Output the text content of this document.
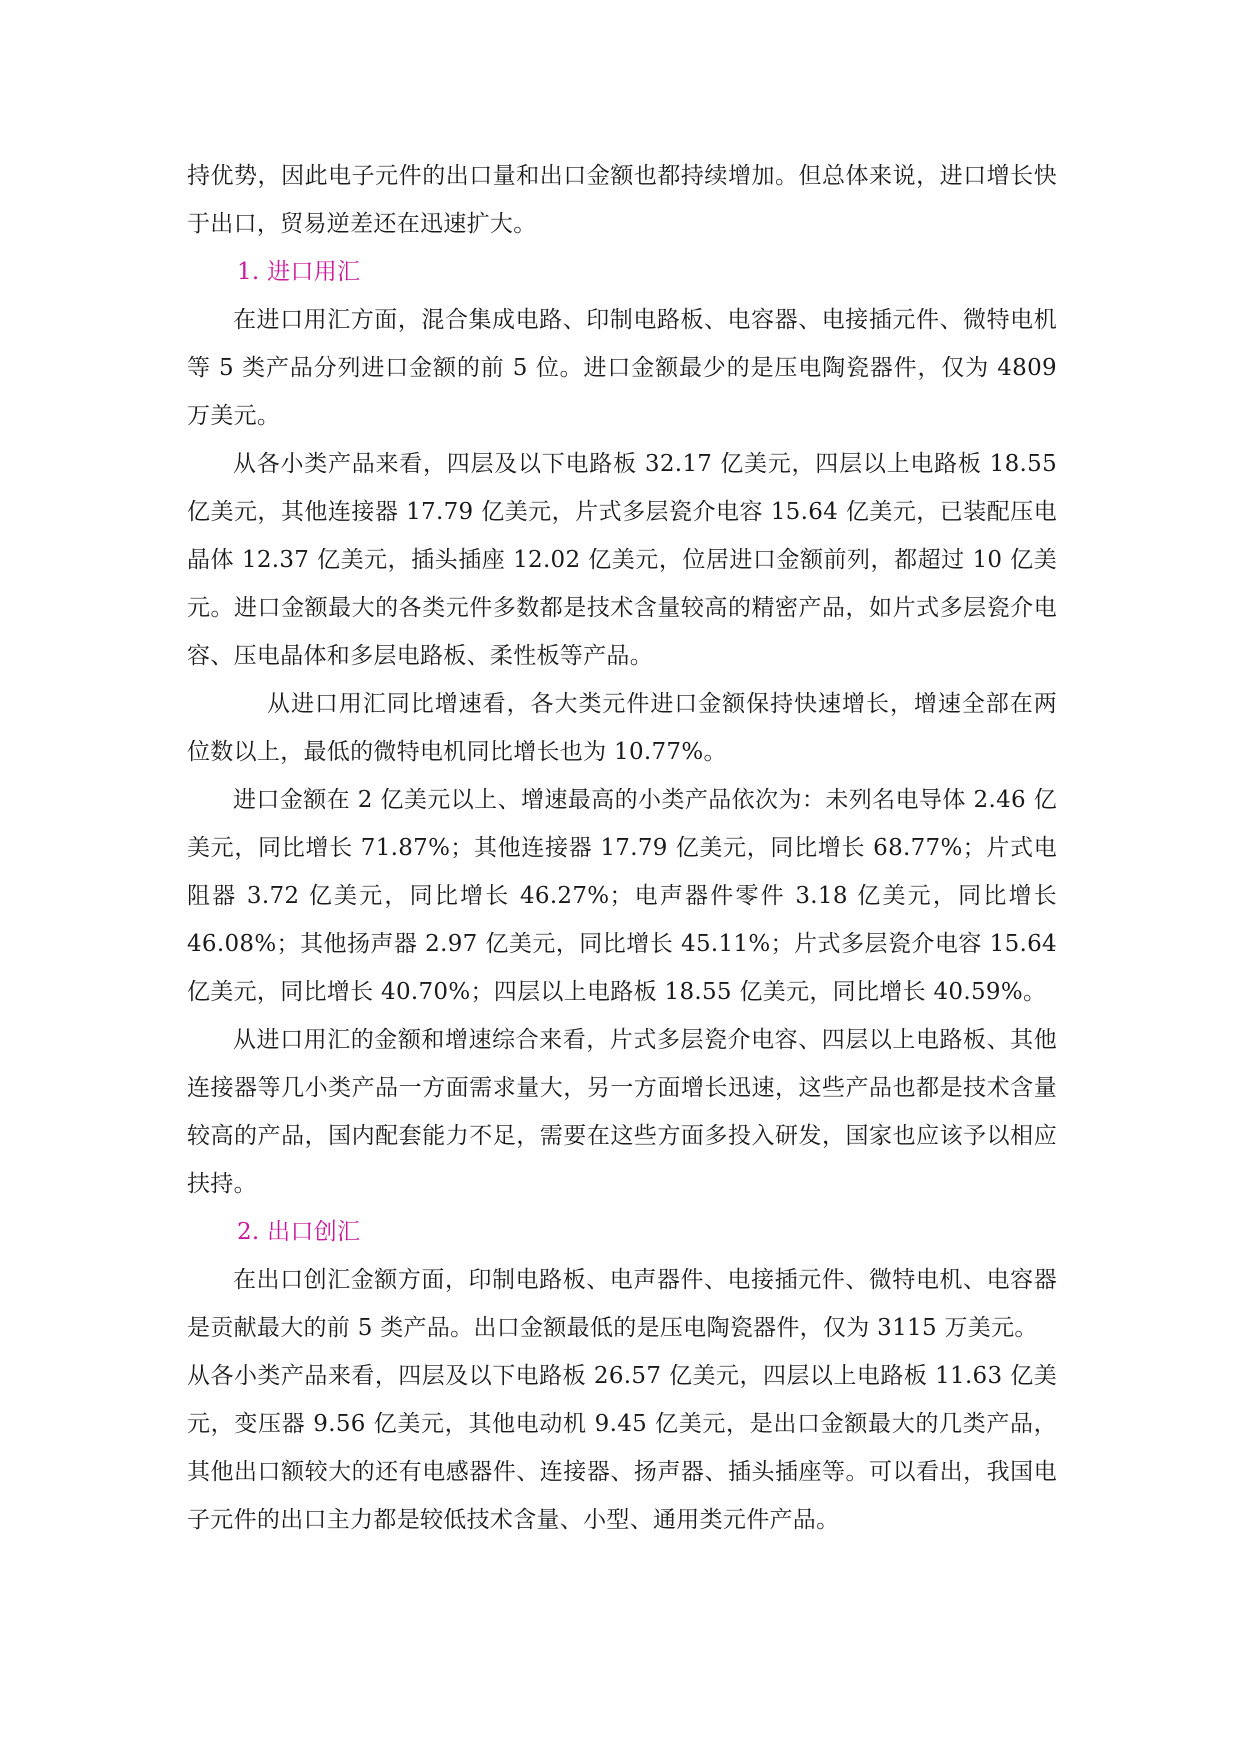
持优势，因此电子元件的出口量和出口金额也都持续增加。但总体来说，进口增长快于出口，贸易逆差还在迅速扩大。

1. 进口用汇

在进口用汇方面，混合集成电路、印制电路板、电容器、电接插元件、微特电机等 5 类产品分列进口金额的前 5 位。进口金额最少的是压电陶瓷器件，仅为 4809 万美元。

从各小类产品来看，四层及以下电路板 32.17 亿美元，四层以上电路板 18.55 亿美元，其他连接器 17.79 亿美元，片式多层瓷介电容 15.64 亿美元，已装配压电晶体 12.37 亿美元，插头插座 12.02 亿美元，位居进口金额前列，都超过 10 亿美元。进口金额最大的各类元件多数都是技术含量较高的精密产品，如片式多层瓷介电容、压电晶体和多层电路板、柔性板等产品。

从进口用汇同比增速看，各大类元件进口金额保持快速增长，增速全部在两位数以上，最低的微特电机同比增长也为 10.77%。

进口金额在 2 亿美元以上、增速最高的小类产品依次为：未列名电导体 2.46 亿美元，同比增长 71.87%；其他连接器 17.79 亿美元，同比增长 68.77%；片式电阻器 3.72 亿美元，同比增长 46.27%；电声器件零件 3.18 亿美元，同比增长 46.08%；其他扬声器 2.97 亿美元，同比增长 45.11%；片式多层瓷介电容 15.64 亿美元，同比增长 40.70%；四层以上电路板 18.55 亿美元，同比增长 40.59%。

从进口用汇的金额和增速综合来看，片式多层瓷介电容、四层以上电路板、其他连接器等几小类产品一方面需求量大，另一方面增长迅速，这些产品也都是技术含量较高的产品，国内配套能力不足，需要在这些方面多投入研发，国家也应该予以相应扶持。

2. 出口创汇

在出口创汇金额方面，印制电路板、电声器件、电接插元件、微特电机、电容器是贡献最大的前 5 类产品。出口金额最低的是压电陶瓷器件，仅为 3115 万美元。

从各小类产品来看，四层及以下电路板 26.57 亿美元，四层以上电路板 11.63 亿美元，变压器 9.56 亿美元，其他电动机 9.45 亿美元，是出口金额最大的几类产品，其他出口额较大的还有电感器件、连接器、扬声器、插头插座等。可以看出，我国电子元件的出口主力都是较低技术含量、小型、通用类元件产品。
